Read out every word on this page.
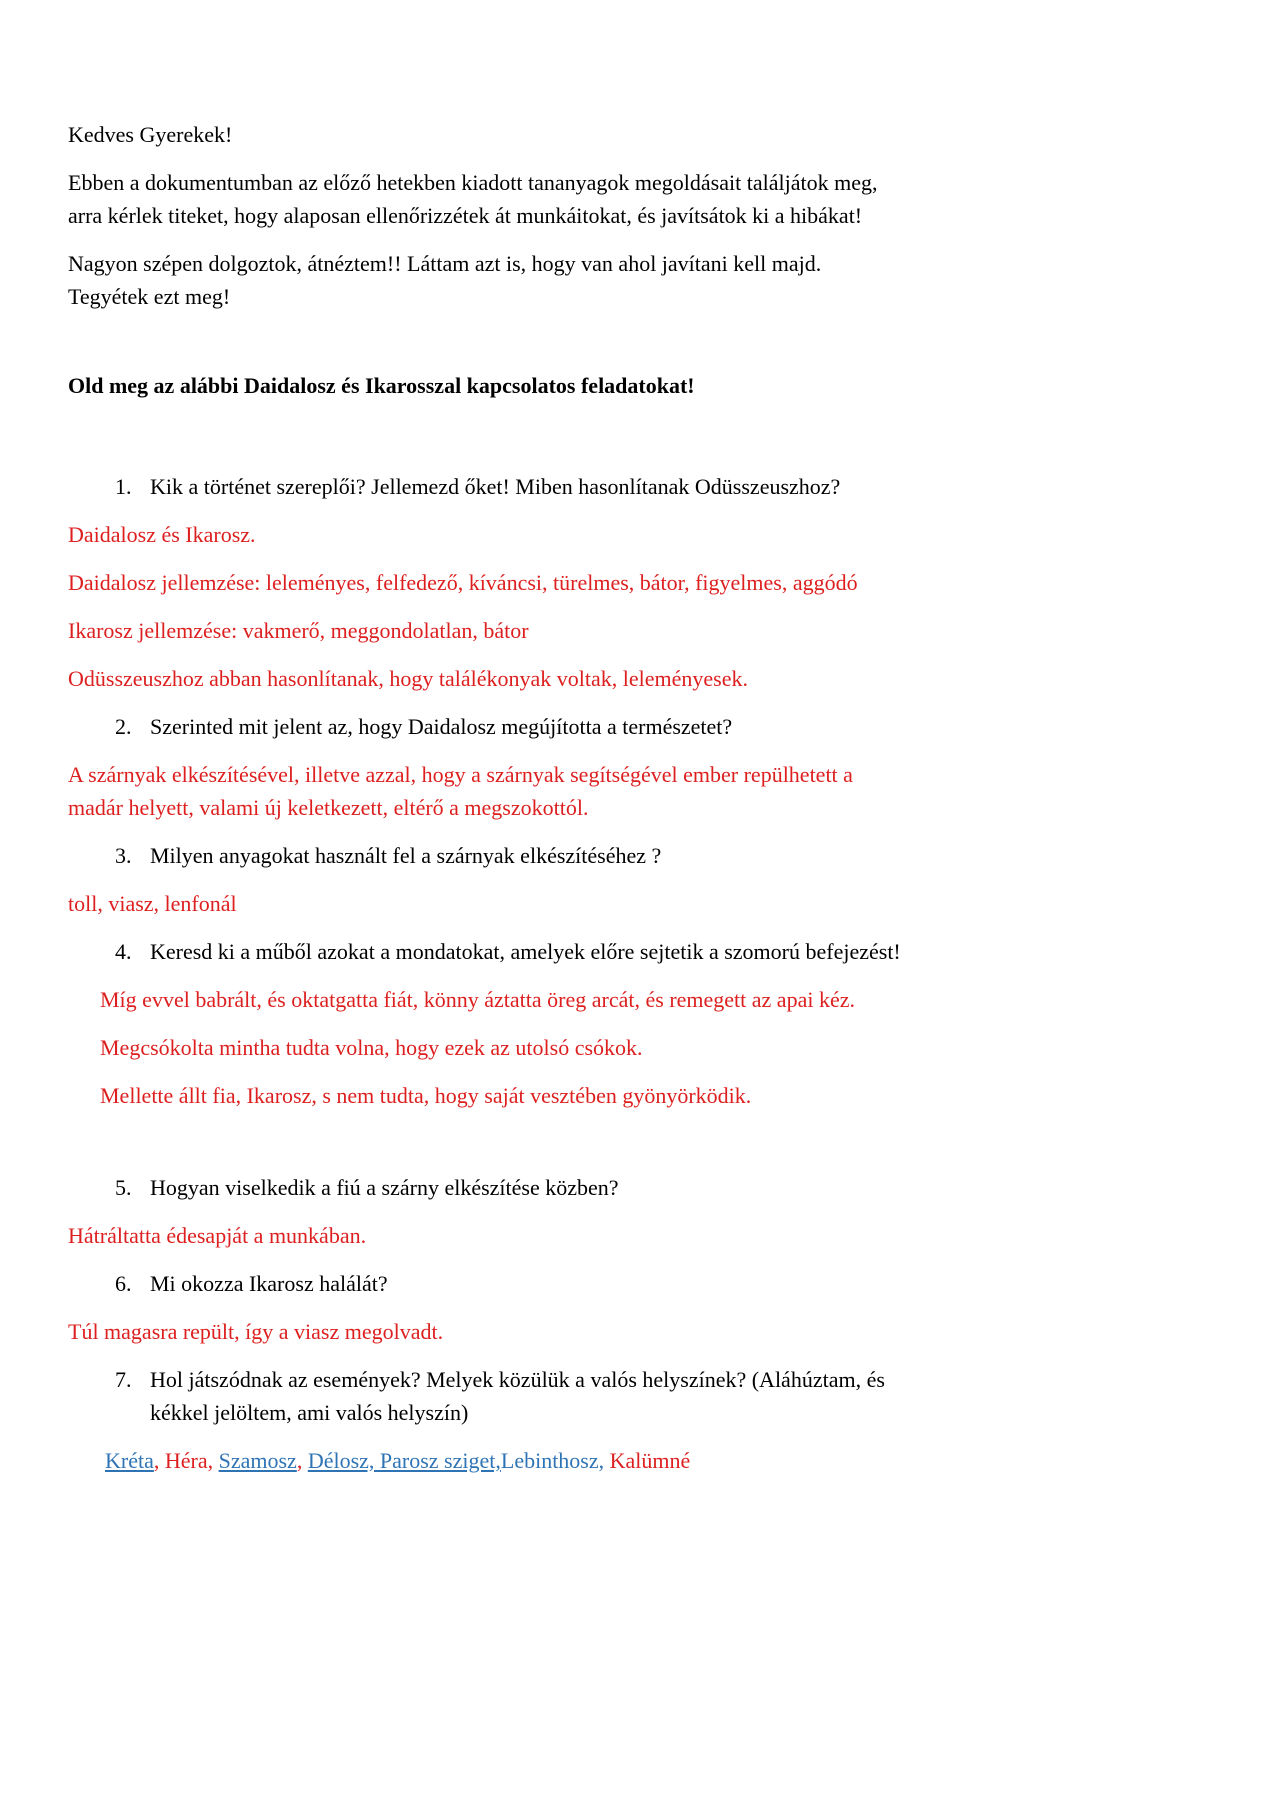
Kedves Gyerekek!

Ebben a dokumentumban az előző hetekben kiadott tananyagok megoldásait találjátok meg,
arra kérlek titeket, hogy alaposan ellenőrizzétek át munkáitokat, és javítsátok ki a hibákat!

Nagyon szépen dolgoztok, átnéztem!! Láttam azt is, hogy van ahol javítani kell majd.
Tegyétek ezt meg!

Old meg az alábbi Daidalosz és Ikarosszal kapcsolatos feladatokat!

1. Kik a történet szereplői? Jellemezd őket! Miben hasonlítanak Odüsszeuszhoz?

Daidalosz és Ikarosz.

Daidalosz jellemzése: leleményes, felfedező, kíváncsi, türelmes, bátor, figyelmes, aggódó

Ikarosz jellemzése: vakmerő, meggondolatlan, bátor

Odüsszeuszhoz abban hasonlítanak, hogy találékonyak voltak, leleményesek.

2. Szerinted mit jelent az, hogy Daidalosz megújította a természetet?

A szárnyak elkészítésével, illetve azzal, hogy a szárnyak segítségével ember repülhetett a
madár helyett, valami új keletkezett, eltérő a megszokottól.

3. Milyen anyagokat használt fel a szárnyak elkészítéséhez ?

toll, viasz, lenfonál

4. Keresd ki a műből azokat a mondatokat, amelyek előre sejtetik a szomorú befejezést!

Míg evvel babrált, és oktatgatta fiát, könny áztatta öreg arcát, és remegett az apai kéz.

Megcsókolta mintha tudta volna, hogy ezek az utolsó csókok.

Mellette állt fia, Ikarosz, s nem tudta, hogy saját vesztében gyönyörködik.

5. Hogyan viselkedik a fiú a szárny elkészítése közben?

Hátráltatta édesapját a munkában.

6. Mi okozza Ikarosz halálát?

Túl magasra repült, így a viasz megolvadt.

7. Hol játszódnak az események? Melyek közülük a valós helyszínek? (Aláhúztam, és
kékkel jelöltem, ami valós helyszín)

Kréta, Héra, Szamosz, Délosz, Parosz sziget,Lebinthosz, Kalümné
